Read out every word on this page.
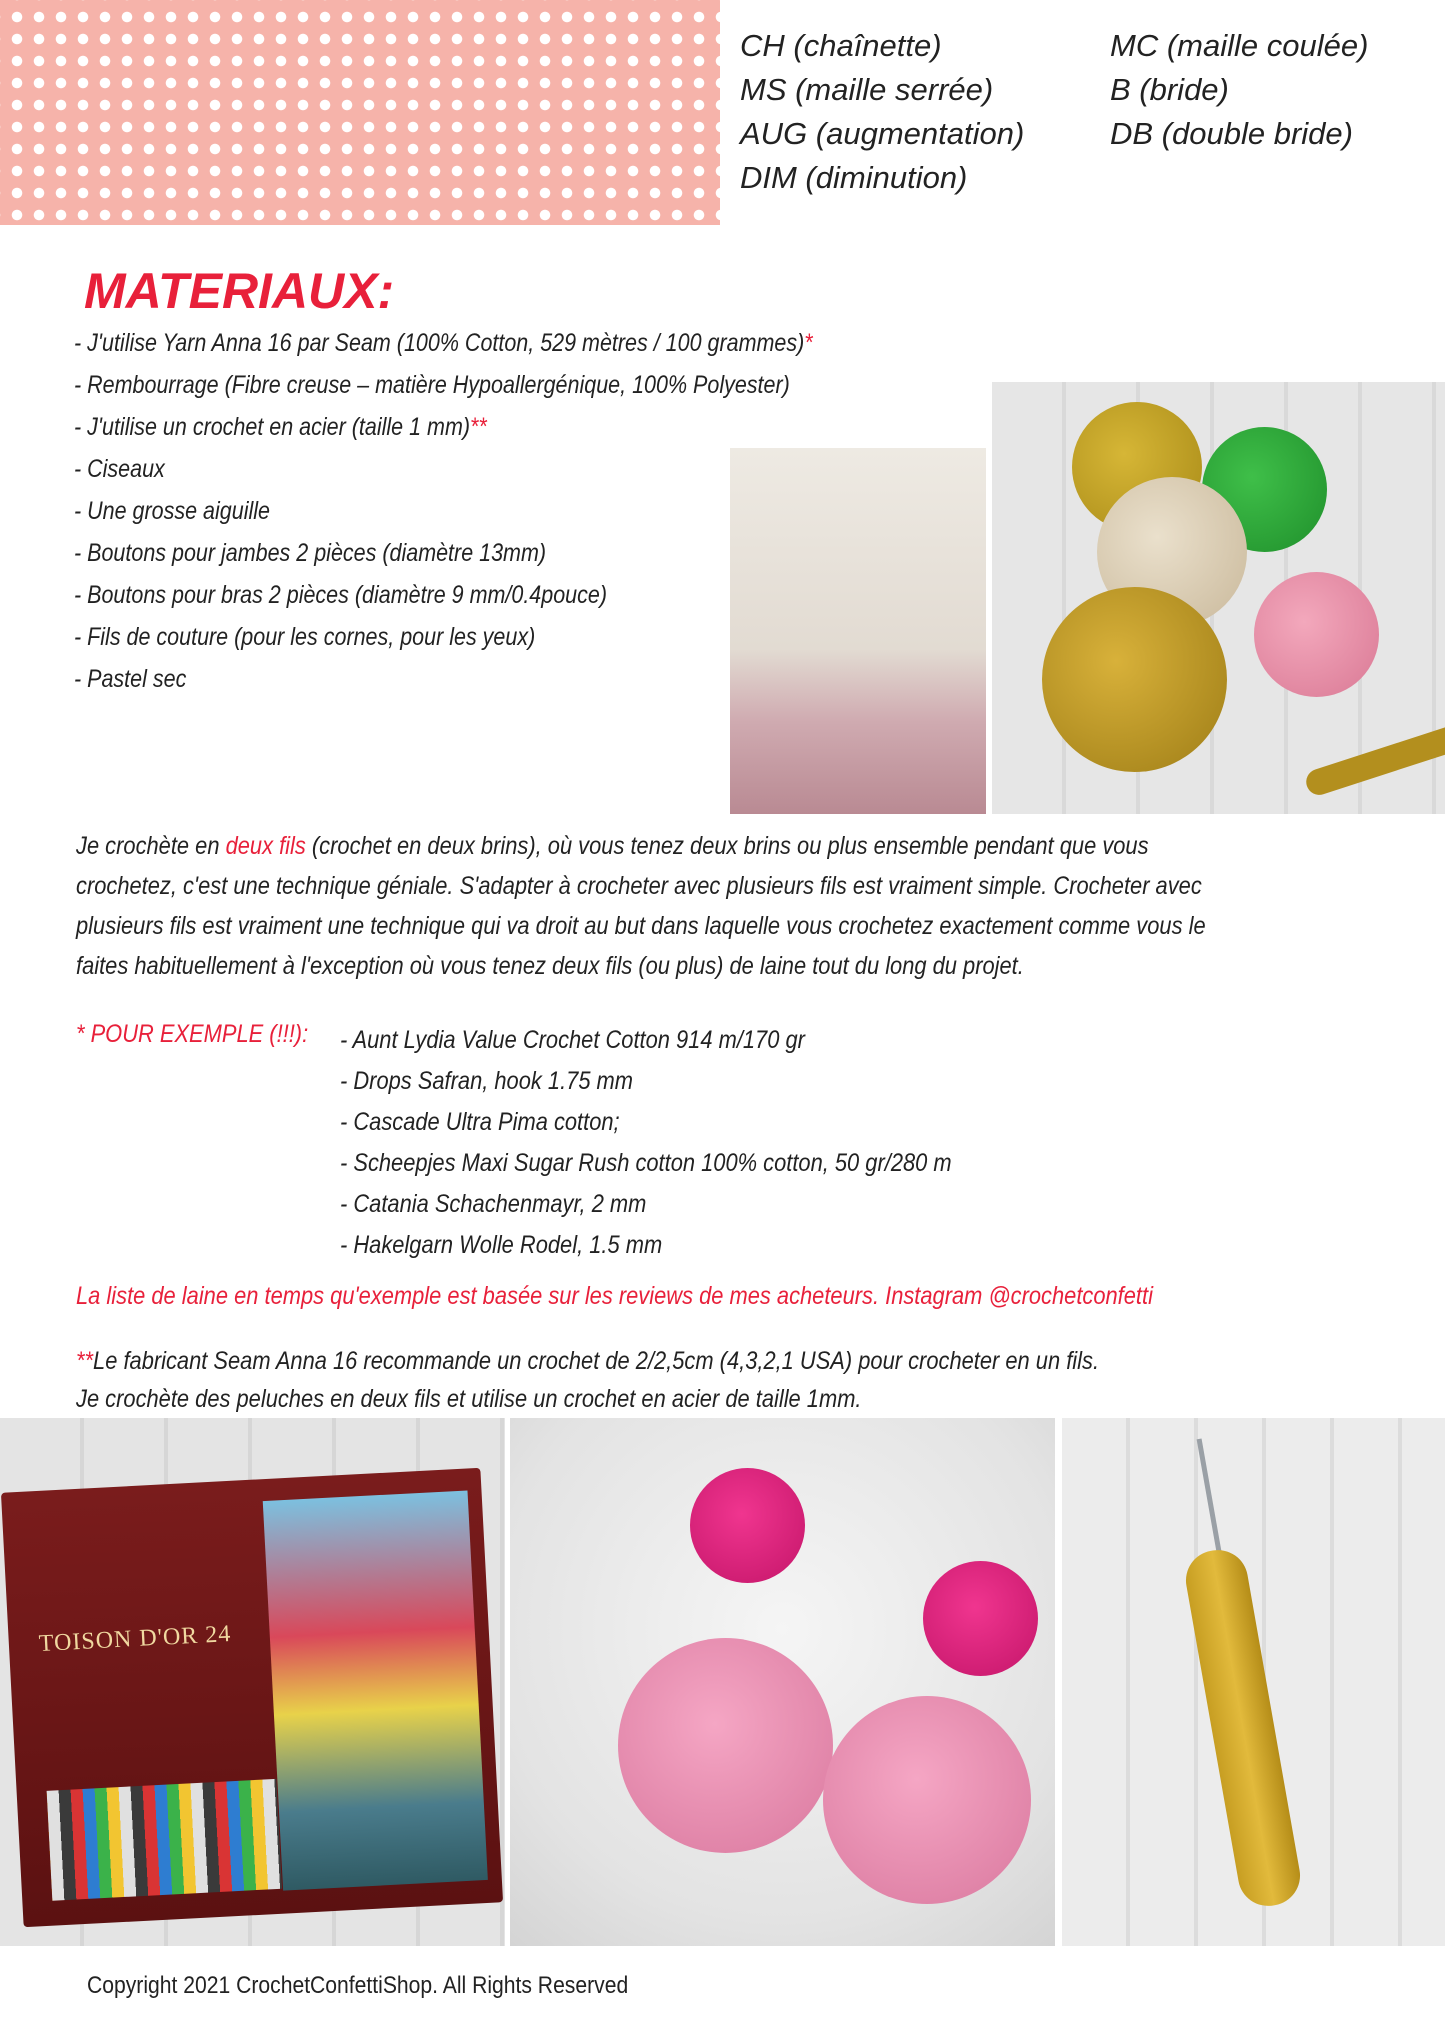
CH (chaînette)
MS (maille serrée)
AUG (augmentation)
DIM (diminution)
MC (maille coulée)
B (bride)
DB (double bride)
MATERIAUX:
- J'utilise Yarn Anna 16 par Seam (100% Cotton, 529 mètres / 100 grammes)*
- Rembourrage (Fibre creuse – matière Hypoallergénique, 100% Polyester)
- J'utilise un crochet en acier (taille 1 mm)**
- Ciseaux
- Une grosse aiguille
- Boutons pour jambes 2 pièces (diamètre 13mm)
- Boutons pour bras 2 pièces (diamètre 9 mm/0.4pouce)
- Fils de couture (pour les cornes, pour les yeux)
- Pastel sec
Je crochète en deux fils (crochet en deux brins), où vous tenez deux brins ou plus ensemble pendant que vous crochetez, c'est une technique géniale. S'adapter à crocheter avec plusieurs fils est vraiment simple. Crocheter avec plusieurs fils est vraiment une technique qui va droit au but dans laquelle vous crochetez exactement comme vous le faites habituellement à l'exception où vous tenez deux fils (ou plus) de laine tout du long du projet.
* POUR EXEMPLE (!!!): - Aunt Lydia Value Crochet Cotton 914 m/170 gr
- Drops Safran, hook 1.75 mm
- Cascade Ultra Pima cotton;
- Scheepjes Maxi Sugar Rush cotton 100% cotton, 50 gr/280 m
- Catania Schachenmayr, 2 mm
- Hakelgarn Wolle Rodel, 1.5 mm
La liste de laine en temps qu'exemple est basée sur les reviews de mes acheteurs. Instagram @crochetconfetti
**Le fabricant Seam Anna 16 recommande un crochet de 2/2,5cm (4,3,2,1 USA) pour crocheter en un fils.
Je crochète des peluches en deux fils et utilise un crochet en acier de taille 1mm.
TOISON D'OR 24
Copyright 2021 CrochetConfettiShop. All Rights Reserved
